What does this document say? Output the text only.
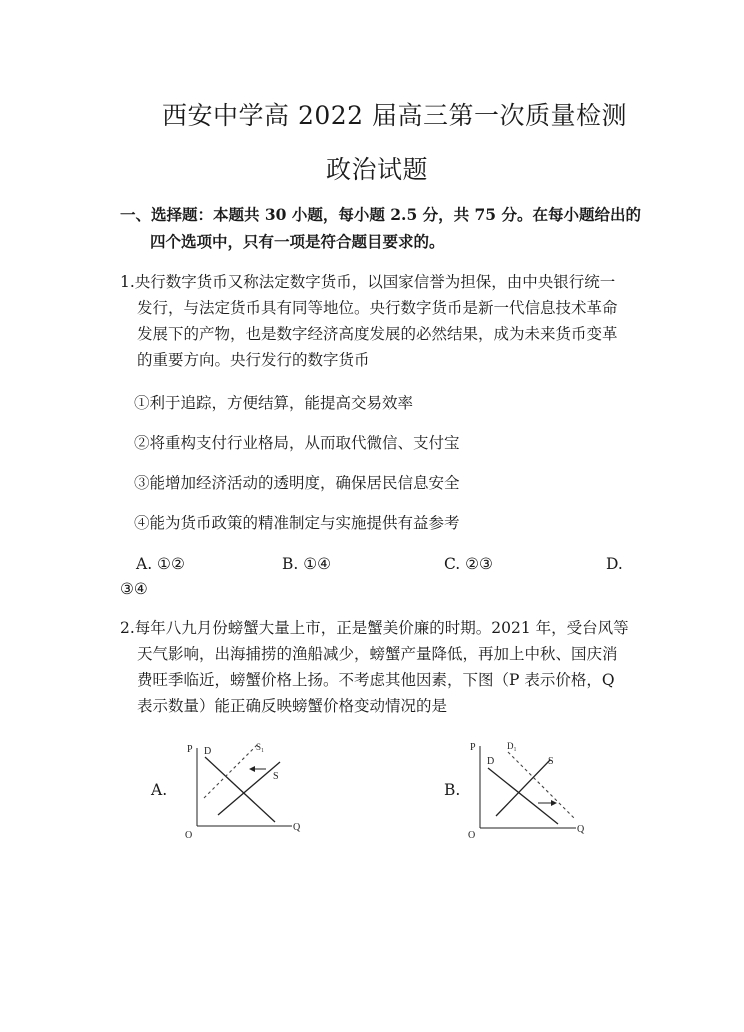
西安中学高 2022 届高三第一次质量检测
政治试题
一、选择题：本题共 30 小题，每小题 2.5 分，共 75 分。在每小题给出的
四个选项中，只有一项是符合题目要求的。
1.央行数字货币又称法定数字货币，以国家信誉为担保，由中央银行统一
发行，与法定货币具有同等地位。央行数字货币是新一代信息技术革命
发展下的产物，也是数字经济高度发展的必然结果，成为未来货币变革
的重要方向。央行发行的数字货币
①利于追踪，方便结算，能提高交易效率
②将重构支付行业格局，从而取代微信、支付宝
③能增加经济活动的透明度，确保居民信息安全
④能为货币政策的精准制定与实施提供有益参考
A. ①②	B. ①④	C. ②③	D.
③④
2.每年八九月份螃蟹大量上市，正是蟹美价廉的时期。2021 年，受台风等
天气影响，出海捕捞的渔船减少，螃蟹产量降低，再加上中秋、国庆消
费旺季临近，螃蟹价格上扬。不考虑其他因素，下图（P 表示价格，Q
表示数量）能正确反映螃蟹价格变动情况的是
A.
P
Q
O
D
S
S₁
B.
P
Q
O
D	S
D₁
